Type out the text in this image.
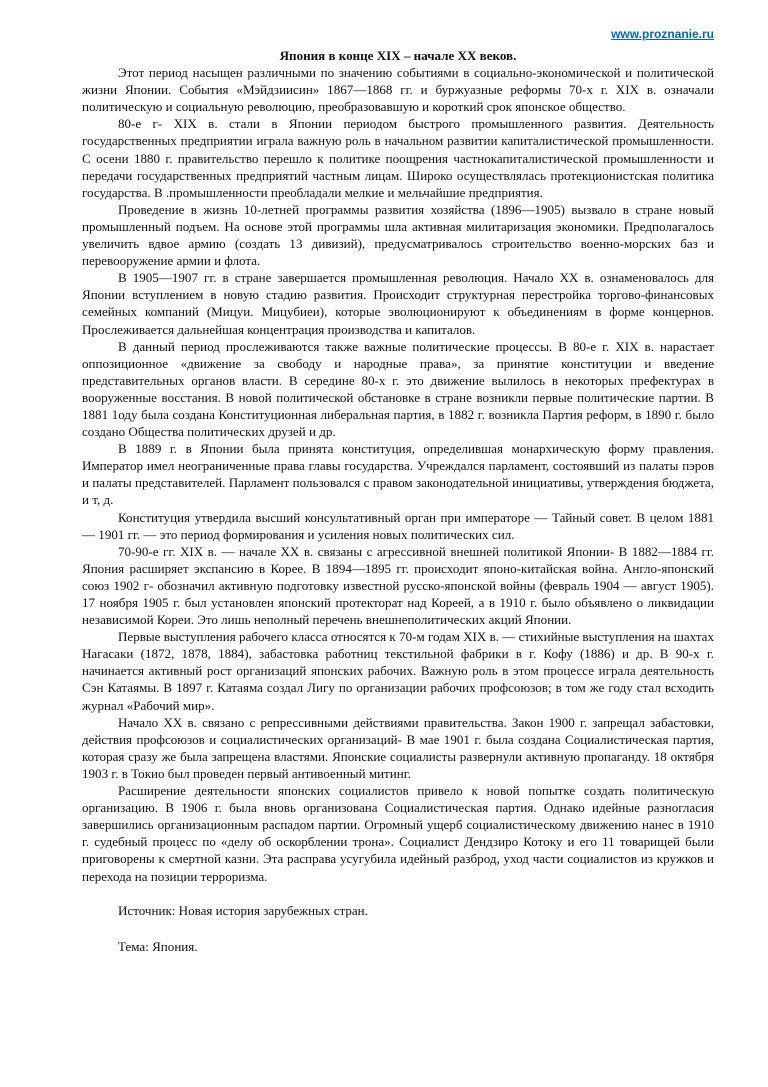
www.proznanie.ru

Япония в конце XIX – начале XX веков.

Этот период насыщен различными по значению событиями в социально-экономической и политической жизни Японии. События «Мэйдзиисин» 1867—1868 гг. и буржуазные реформы 70-х г. XIX в. означали политическую и социальную революцию, преобразовавшую и короткий срок японское общество.

80-е г- XIX в. стали в Японии периодом быстрого промышленного развития. Деятельность государственных предприятии играла важную роль в начальном развитии капиталистической промышленности. С осени 1880 г. правительство перешло к политике поощрения частнокапиталистической промышленности и передачи государственных предприятий частным лицам. Широко осуществлялась протекционистская политика государства. В .промышленности преобладали мелкие и мельчайшие предприятия.

Проведение в жизнь 10-летней программы развития хозяйства (1896—1905) вызвало в стране новый промышленный подъем. На основе этой программы шла активная милитаризация экономики. Предполагалось увеличить вдвое армию (создать 13 дивизий), предусматривалось строительство военно-морских баз и перевооружение армии и флота.

В 1905—1907 гг. в стране завершается промышленная революция. Начало XX в. ознаменовалось для Японии вступлением в новую стадию развития. Происходит структурная перестройка торгово-финансовых семейных компаний (Мицуи. Мицубиеи), которые эволюционируют к объединениям в форме концернов. Прослеживается дальнейшая концентрация производства и капиталов.

В данный период прослеживаются также важные политические процессы. В 80-е г. XIX в. нарастает оппозиционное «движение за свободу и народные права», за принятие конституции и введение представительных органов власти. В середине 80-х г. это движение вылилось в некоторых префектурах в вооруженные восстания. В новой политической обстановке в стране возникли первые политические партии. В 1881 1оду была создана Конституционная либеральная партия, в 1882 г. возникла Партия реформ, в 1890 г. было создано Общества политических друзей и др.

В 1889 г. в Японии была принята конституция, определившая монархическую форму правления. Император имел неограниченные права главы государства. Учреждался парламент, состоявший из палаты пэров и палаты представителей. Парламент пользовался с правом законодательной инициативы, утверждения бюджета, и т, д.

Конституция утвердила высший консультативный орган при императоре — Тайный совет. В целом 1881 — 1901 гг. — это период формирования и усиления новых политических сил.

70-90-е гг. XIX в. — начале XX в. связаны с агрессивной внешней политикой Японии- В 1882—1884 гг. Япония расширяет экспансию в Корее. В 1894—1895 гг. происходит японо-китайская война. Англо-японский союз 1902 г- обозначил активную подготовку известной русско-японской войны (февраль 1904 — август 1905). 17 ноября 1905 г. был установлен японский протекторат над Кореей, а в 1910 г. было объявлено о ликвидации независимой Кореи. Это лишь неполный перечень внешнеполитических акций Японии.

Первые выступления рабочего класса относятся к 70-м годам XIX в. — стихийные выступления на шахтах Нагасаки (1872, 1878, 1884), забастовка работниц текстильной фабрики в г. Кофу (1886) и др. В 90-х г. начинается активный рост организаций японских рабочих. Важную роль в этом процессе играла деятельность Сэн Катаямы. В 1897 г. Катаяма создал Лигу по организации рабочих профсоюзов; в том же году стал всходить журнал «Рабочий мир».

Начало XX в. связано с репрессивными действиями правительства. Закон 1900 г. запрещал забастовки, действия профсоюзов и социалистических организаций- В мае 1901 г. была создана Социалистическая партия, которая сразу же была запрещена властями. Японские социалисты развернули активную пропаганду. 18 октября 1903 г. в Токио был проведен первый антивоенный митинг.

Расширение деятельности японских социалистов привело к новой попытке создать политическую организацию. В 1906 г. была вновь организована Социалистическая партия. Однако идейные разногласия завершились организационным распадом партии. Огромный ущерб социалистическому движению нанес в 1910 г. судебный процесс по «делу об оскорблении трона». Социалист Дендзиро Котоку и его 11 товарищей были приговорены к смертной казни. Эта расправа усугубила идейный разброд, уход части социалистов из кружков и перехода на позиции терроризма.

Источник: Новая история зарубежных стран.

Тема: Япония.
